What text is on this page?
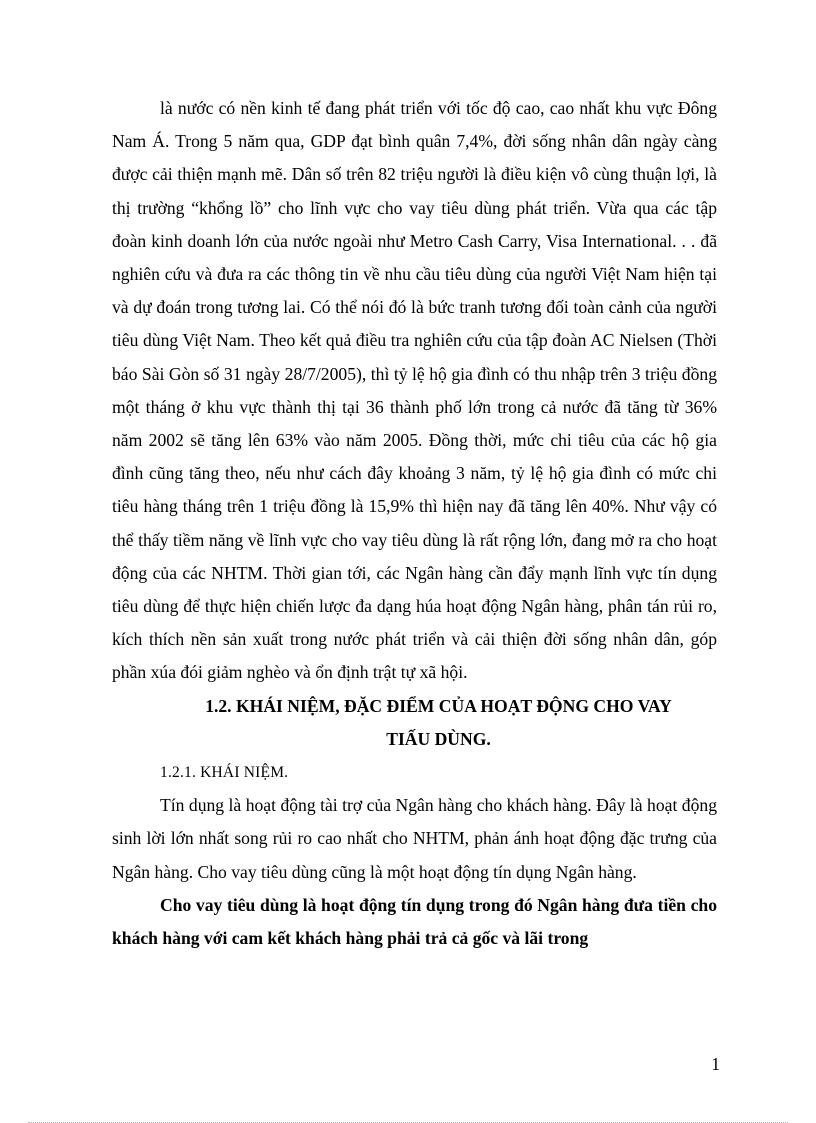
là nước có nền kinh tế đang phát triển với tốc độ cao, cao nhất khu vực Đông Nam Á. Trong 5 năm qua, GDP đạt bình quân 7,4%, đời sống nhân dân ngày càng được cải thiện mạnh mẽ. Dân số trên 82 triệu người là điều kiện vô cùng thuận lợi, là thị trường “khổng lồ” cho lĩnh vực cho vay tiêu dùng phát triển. Vừa qua các tập đoàn kinh doanh lớn của nước ngoài như Metro Cash Carry, Visa International. . . đã nghiên cứu và đưa ra các thông tin về nhu cầu tiêu dùng của người Việt Nam hiện tại và dự đoán trong tương lai. Có thể nói đó là bức tranh tương đối toàn cảnh của người tiêu dùng Việt Nam. Theo kết quả điều tra nghiên cứu của tập đoàn AC Nielsen (Thời báo Sài Gòn số 31 ngày 28/7/2005), thì tỷ lệ hộ gia đình có thu nhập trên 3 triệu đồng một tháng ở khu vực thành thị tại 36 thành phố lớn trong cả nước đã tăng từ 36% năm 2002 sẽ tăng lên 63% vào năm 2005. Đồng thời, mức chi tiêu của các hộ gia đình cũng tăng theo, nếu như cách đây khoảng 3 năm, tỷ lệ hộ gia đình có mức chi tiêu hàng tháng trên 1 triệu đồng là 15,9% thì hiện nay đã tăng lên 40%. Như vậy có thể thấy tiềm năng về lĩnh vực cho vay tiêu dùng là rất rộng lớn, đang mở ra cho hoạt động của các NHTM. Thời gian tới, các Ngân hàng cần đẩy mạnh lĩnh vực tín dụng tiêu dùng để thực hiện chiến lược đa dạng húa hoạt động Ngân hàng, phân tán rủi ro, kích thích nền sản xuất trong nước phát triển và cải thiện đời sống nhân dân, góp phần xúa đói giảm nghèo và ổn định trật tự xã hội.

1.2. KHÁI NIỆM, ĐẶC ĐIỂM CỦA HOẠT ĐỘNG CHO VAY

TIẤU DÙNG.

1.2.1. KHÁI NIỆM.

Tín dụng là hoạt động tài trợ của Ngân hàng cho khách hàng. Đây là hoạt động sinh lời lớn nhất song rủi ro cao nhất cho NHTM, phản ánh hoạt động đặc trưng của Ngân hàng. Cho vay tiêu dùng cũng là một hoạt động tín dụng Ngân hàng.

Cho vay tiêu dùng là hoạt động tín dụng trong đó Ngân hàng đưa tiền cho khách hàng với cam kết khách hàng phải trả cả gốc và lãi trong

1
